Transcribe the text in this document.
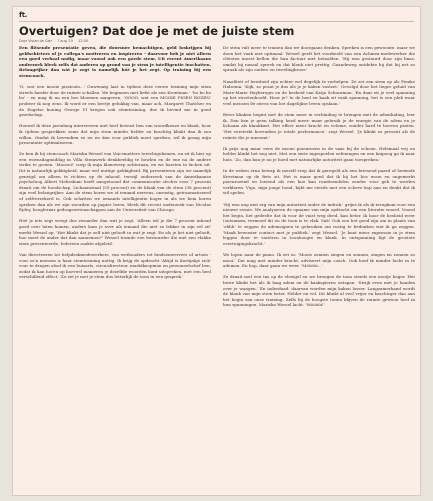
ft.
Overtuigen? Dat doe je met de juiste stem
Door Vivian de Gier 7 aug '15 12:00

Een flitsende presentatie geven, die doorsnee bemachtigen, geld loskrijgen bij geldschieters of je collega's motiveren en inspireren - daarvoor heb je niet alleen een goed verhaal nodig, maar vooral ook een goede stem. Uit recent Amerikaans onderzoek bleek zelfs dat anderen op grond van je stem je intelligentie inschatten. Belangrijker dan wát je zegt is namelijk hóé je het zegt. Op training bij een stemcoach.

'O, wat een mooie pizzicato...' Ouwenaig laat in tijdens deze eerste training mijn stem streels harder door de ruimte schallen. We beginnen met liefst als een Kroetman - 'bo bo bo bo' - en mag ik nu een bos bloemen aangeven. 'OOOO, wat een MOOIE PIOEN ROZEN' probeer ik nog eens. Ik word er een beetje gelukkig van, maar ach, Margaret Thatcher en de Engelse koning George VI kregen ook stemtraining, dus ik bevind me in goed gezelschap.

Hoewel ik deze jarenlang interviewen met heel bewust ben van woordkeuze en klank, hoor ik tijdens gesprekken soms dat mijn stem minder helder en krachtig klinkt dan ik zou willen. Omdat ik bovendien zo nu en dan voor publiek moet spreken, wil ik graag mijn presentatie optimaliseren.

Ze ben ik bij stemcoach Mariska Wessel van Voicematters terechtgekomen, en zit ik hier op een woensdagmiddag in Villa Stemwerk denkbeeldig te bowlen en de ene na de andere strike te gooien. 'Mooooi!' roep ik mijn klanowerp achteraan, en we barsten in lachen uit. Dit is natuurlijk gekkigheid, maar wel nuttige gekkigheid. Bij presenteren zijn we namelijk geneigd om alleen te richten op de inhoud, terwijl onderzoek van de Amerikaanse psycholoog Albert Mehrabian heeft aangetoond dat communicatie slechts voor 7 procent draait om de boodschap. Lichaamstaal (55 procent) en de klank van de stem (38 procent) zijn veel belangrijker. Aan de stem horen we of iemand nerveus, onrustig, getraumatiseerd of zelfverzekerd is. Ook schatten we iemands intelligentie hoger in als we hem horen spreken dan als we zijn woorden op papier lezen, bleek dit recent onderzoek van Nicolas Epley, hoogleraar gedragswetenschappen aan de Universiteit van Chicago.

Hóé je iets zegt weegt dus zwaarder dan wát je zegt. 'Alleen wil je die 7 procent inhoud goed over laten komen, anders kom je over als iemand die niet zo lekker in zijn vel zit' merkt Wessel op. 'Het klinkt dat je zelf niet gelooft in wat je zegt. En als je het niet gelooft, hoe moet de ander dat dan aannemen?' Wessel trainde een bestuurder die met een vlakke stem presenteerde. Iedereen raakte afgeleid.

Van directeuren tot helpdeskmedewerkers, van wethouders tot fondsenwervers of artsen - voor zo'n mensen is haar stemtraining nuttig. Ik krijg de opdracht 'Altijd is Koritjakje zick' voor te dragen alsof ik een huisarts, circusdirecteur, marktkoopman en personeelschef ben, zodat ik kan horen op hoeveel manieren je dezelfde woorden kunt uitspreken, met een heel verschillend effect. 'Zo zet je met je stem dus letterlijk de toon in een gesprek.'

De stem valt meer te trainen dan we doorgaans denken. Spreken is een gewoonte, maar we doen het vaak niet optimaal. Wessel geeft het voorbeeld van een Achmea-medewerker die cliënten moest bellen die hun factuur niet betaalden. 'Hij was gestuurd door zijn baas, omdat hij nasaal spreek en dat klonk niet prettig. Gaandeweg ontdekte hij dat hij net zo spraak als zijn ouders en tweelingbroer.'

Nasaliteit of heesheid zijn echter wel degelijk te verhelpen. Ze zet een stem op als Femke Halsema. 'Kijk, zo praat je dus als je je kaken vastzet.' Gevolgd door het lieger geluid van Mare-Marie Huyberegts en de hesheid van Katja Schuurman. 'En daar zit je veel spanning op het strottenhoofd. Hoor je? In de heel en kaak zit vaak spanning, het is een plek waar veel mensen de stress van het dagelijkse leven opslaan.'

Beter klinken begint met de stem meer in verbinding te brengen met de ademhaling, leer ik. Dan ben je geen talking head meer, maar gebruik je de energie van de adem en je lichaam als klankkast. Het effect meer kracht en volume, zonder hard te hoeven praten. 'Het versterkt bovendien je totale performance,' zegt Wessel. 'Je klinkt zo present als de ruimte die je inneemt.'

Ik prijs nog maar eens de mooie pioenrozen in de vaas bij de schoen. Helemaal vrij en helder klinkt het nog niet. Met een serie ingespoelen oefeningen en een knipoog ga ik naar huis. 'Zo, dan kun je nu je hoed met natuurlijke autoriteit gaan toespreken.'

In de weken erna betrap ik mezelf erop dat ik geregeld als een briesend paard of loeiende Kreetman op de fiets zit. Het is maar goed dat ik bij het bos woon en ongemerkt pioenrozend en loeiend als een koe kan rondwandelen zonder voor gek te worden verklaren. Vigo, mijn jonge hond, kijkt me steeds met een scheve kop aan en denkt dat ik wil spelen.

'Hij was nog niet erg van mijn autoriteit onder de indruk,' grijns ik als ik terugkom voor een nieuwe sessie. We analyseren de opname van mijn opdracht om een literatie woord. Vooral het begin, het gedeelte dat ik voor de vuist weg deed, kan beter. Ik hoor de hesheid weer (ontsnmen, vermoed ik) en de toon is te vlak. Sää! Ook zou het goed zijn om in plaats van 'ehhh' te zeggen de ademsignen te gebruiken om rustig te bedenken wat ik ga zeggen. 'Maak bewuster contact met je publiek,' zegt Wessel. 'Je kunt meer expressie in je stem leggen door te variëren in toonhoogte en klank. In ontspanning ligt de grootste overtuigingskracht.'

We lopen naar de piano. Ik zet in: 'Mooie zonnen zingen en zonnen, zingen en zonnen zo mooi.' Dat mag met minder kracht, adviseert mijn coach. Ook hoef ik minder lucht in te ademen. En hop, daar gaan we weer. 'Mööööi...'

Ze draait met een tas op de vloeigel en we brengen de toon steeds een nootje hoger. Het beste klinkt het als ik laag adem en de kaakspieren ontspan. 'Strijk even met je handen over je wangen.' En inderdaad: daarvan worden mijn kaken losser. Langzamerhand wordt de klank van mijn stem beter. Helder en vol. Dit klinkt al veel vrijer en krachtiger dan aan het begin van onze training. Zelfs bij de hoogste tonen blijven de ruimte gewoon heel in hun spanningen. Mariska Wessel lacht. 'Mööööi!'
